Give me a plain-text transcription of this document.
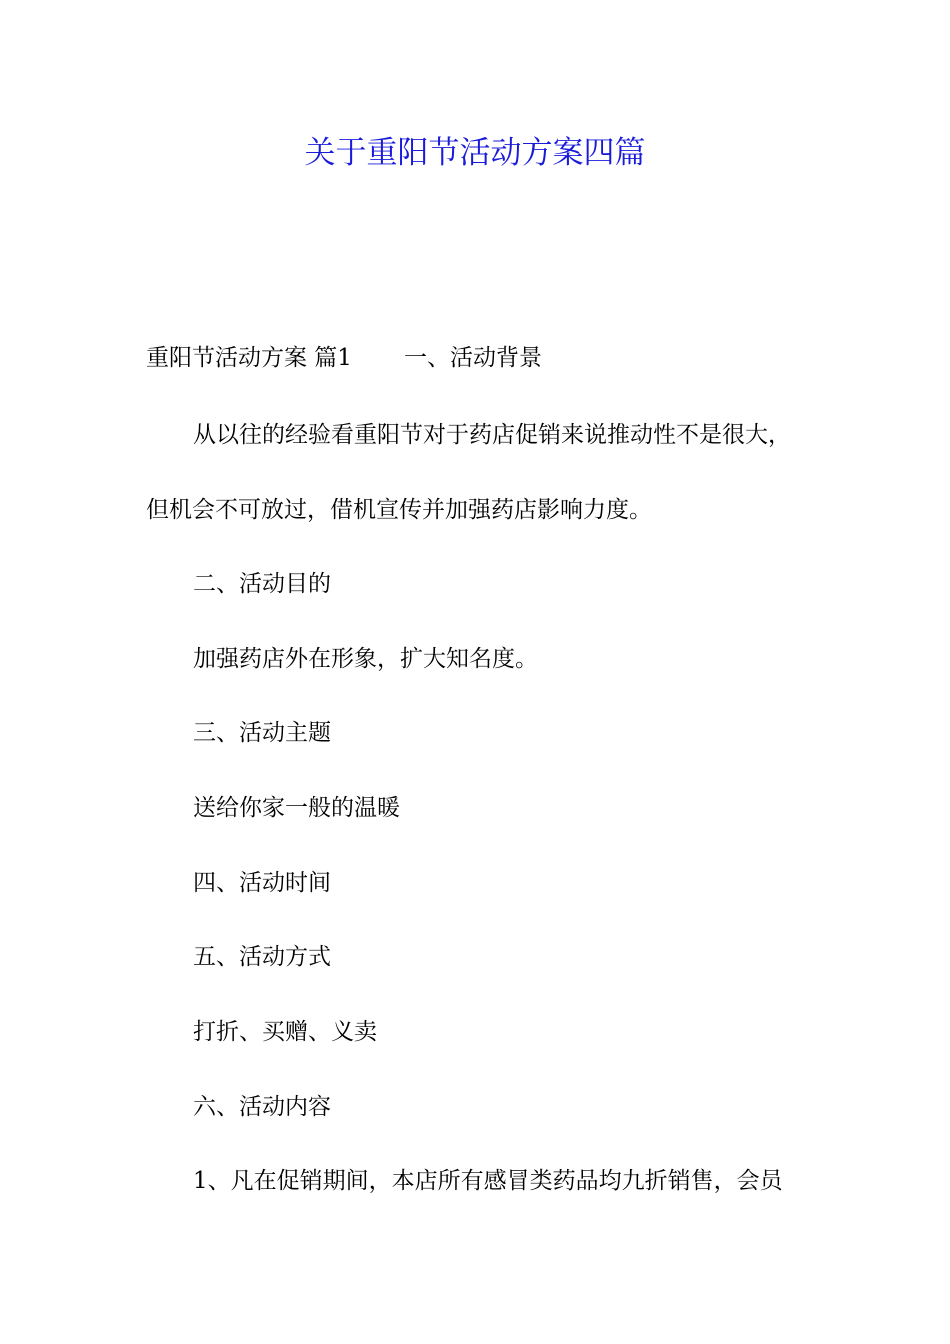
关于重阳节活动方案四篇

重阳节活动方案 篇1 一、活动背景

从以往的经验看重阳节对于药店促销来说推动性不是很大，

但机会不可放过，借机宣传并加强药店影响力度。

二、活动目的

加强药店外在形象，扩大知名度。

三、活动主题

送给你家一般的温暖

四、活动时间

五、活动方式

打折、买赠、义卖

六、活动内容

1、凡在促销期间，本店所有感冒类药品均九折销售，会员
